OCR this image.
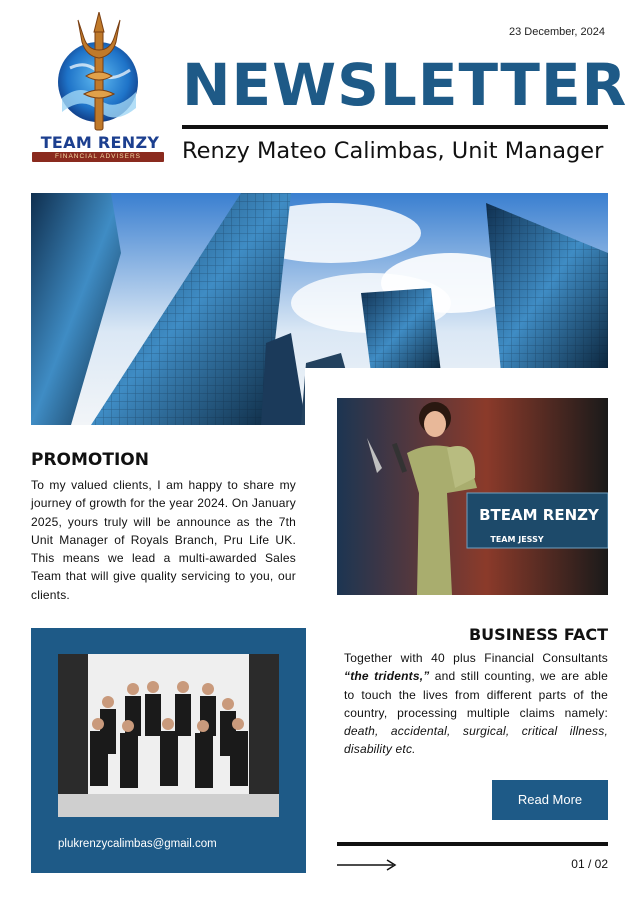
23 December, 2024
TEAM RENZY
FINANCIAL ADVISERS
NEWSLETTER
Renzy Mateo Calimbas, Unit Manager
BTEAM RENZY
TEAM JESSY
PROMOTION
To my valued clients, I am happy to share my journey of growth for the year 2024. On January 2025, yours truly will be announce as the 7th Unit Manager of Royals Branch, Pru Life UK. This means we lead a multi-awarded Sales Team that will give quality servicing to you, our clients.
plukrenzycalimbas@gmail.com
BUSINESS FACT
Together with 40 plus Financial Consultants “the tridents,” and still counting, we are able to touch the lives from different parts of the country, processing multiple claims namely: death, accidental, surgical, critical illness, disability etc.
Read More
01 / 02
